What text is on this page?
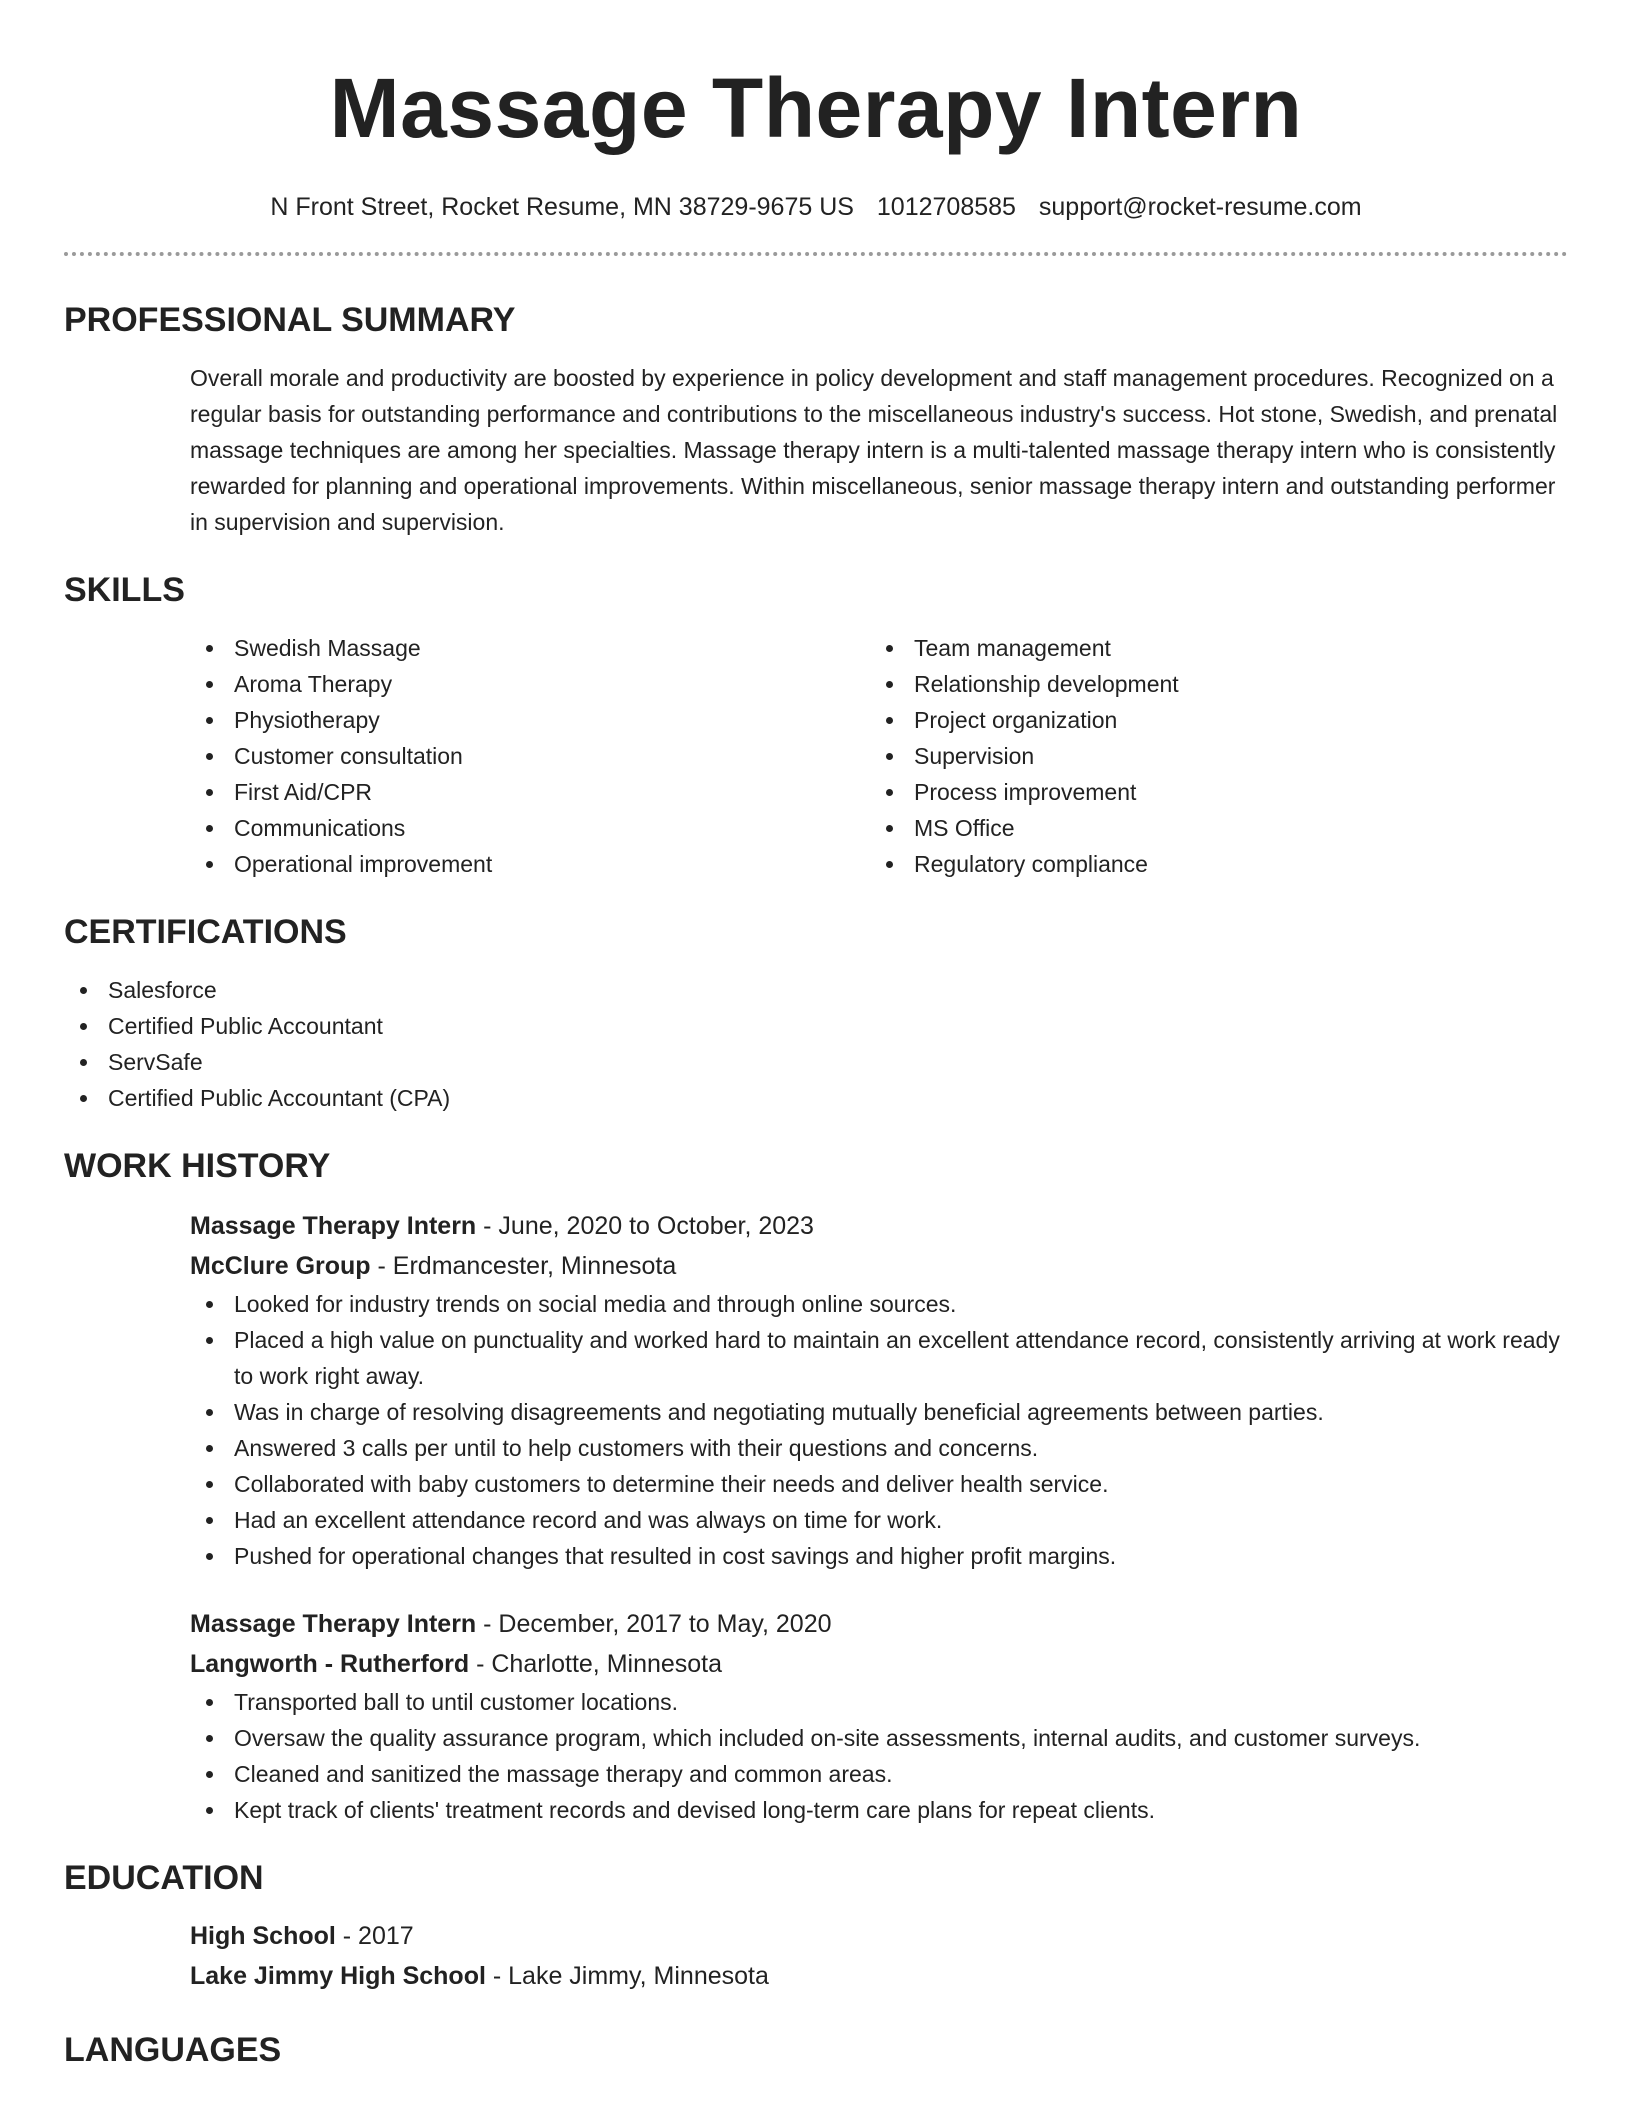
Massage Therapy Intern
N Front Street, Rocket Resume, MN 38729-9675 US 1012708585 support@rocket-resume.com
PROFESSIONAL SUMMARY

Overall morale and productivity are boosted by experience in policy development and staff management procedures. Recognized on a regular basis for outstanding performance and contributions to the miscellaneous industry's success. Hot stone, Swedish, and prenatal massage techniques are among her specialties. Massage therapy intern is a multi-talented massage therapy intern who is consistently rewarded for planning and operational improvements. Within miscellaneous, senior massage therapy intern and outstanding performer in supervision and supervision.

SKILLS
Swedish Massage
Aroma Therapy
Physiotherapy
Customer consultation
First Aid/CPR
Communications
Operational improvement
Team management
Relationship development
Project organization
Supervision
Process improvement
MS Office
Regulatory compliance
CERTIFICATIONS
Salesforce
Certified Public Accountant
ServSafe
Certified Public Accountant (CPA)
WORK HISTORY
Massage Therapy Intern - June, 2020 to October, 2023
McClure Group - Erdmancester, Minnesota
Looked for industry trends on social media and through online sources.
Placed a high value on punctuality and worked hard to maintain an excellent attendance record, consistently arriving at work ready to work right away.
Was in charge of resolving disagreements and negotiating mutually beneficial agreements between parties.
Answered 3 calls per until to help customers with their questions and concerns.
Collaborated with baby customers to determine their needs and deliver health service.
Had an excellent attendance record and was always on time for work.
Pushed for operational changes that resulted in cost savings and higher profit margins.
Massage Therapy Intern - December, 2017 to May, 2020
Langworth - Rutherford - Charlotte, Minnesota
Transported ball to until customer locations.
Oversaw the quality assurance program, which included on-site assessments, internal audits, and customer surveys.
Cleaned and sanitized the massage therapy and common areas.
Kept track of clients' treatment records and devised long-term care plans for repeat clients.
EDUCATION
High School - 2017
Lake Jimmy High School - Lake Jimmy, Minnesota
LANGUAGES
